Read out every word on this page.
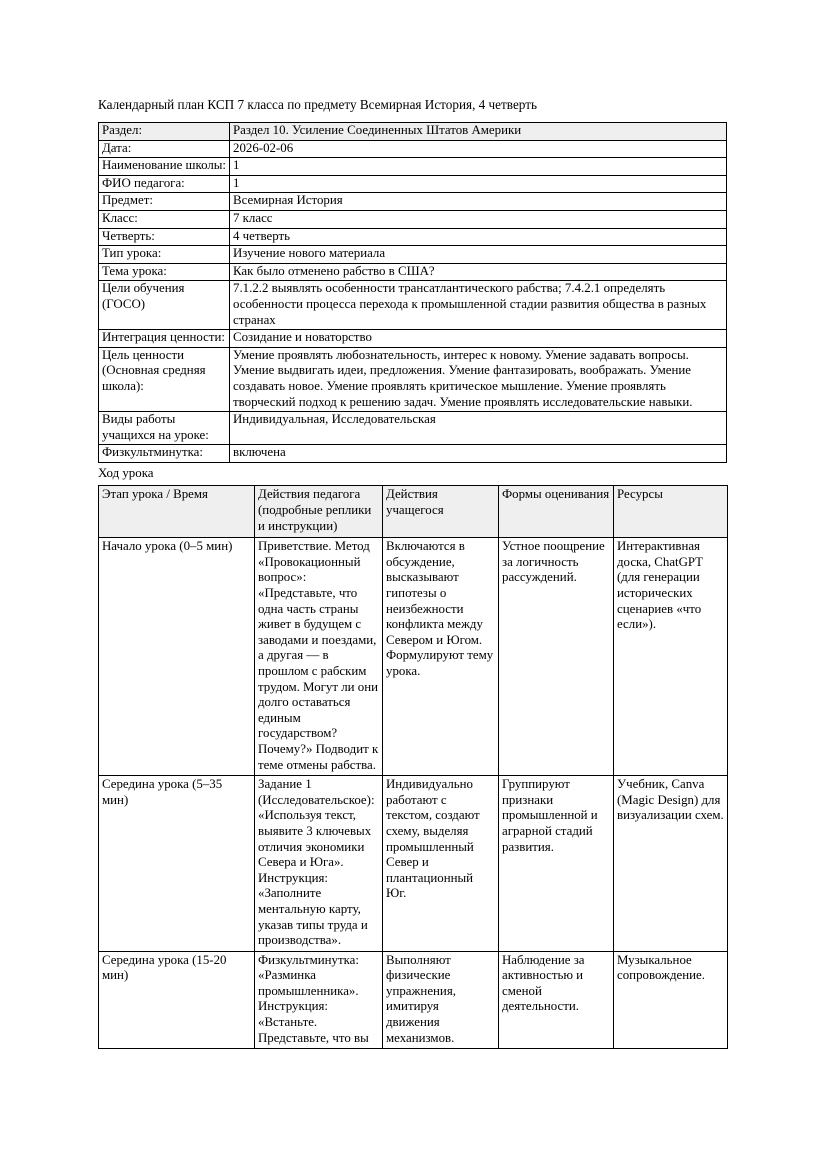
Календарный план КСП 7 класса по предмету Всемирная История, 4 четверть

Раздел:	Раздел 10. Усиление Соединенных Штатов Америки
Дата:	2026-02-06
Наименование школы:	1
ФИО педагога:	1
Предмет:	Всемирная История
Класс:	7 класс
Четверть:	4 четверть
Тип урока:	Изучение нового материала
Тема урока:	Как было отменено рабство в США?
Цели обучения (ГОСО)	7.1.2.2 выявлять особенности трансатлантического рабства; 7.4.2.1 определять особенности процесса перехода к промышленной стадии развития общества в разных странах
Интеграция ценности:	Созидание и новаторство
Цель ценности (Основная средняя школа):	Умение проявлять любознательность, интерес к новому. Умение задавать вопросы. Умение выдвигать идеи, предложения. Умение фантазировать, воображать. Умение создавать новое. Умение проявлять критическое мышление. Умение проявлять творческий подход к решению задач. Умение проявлять исследовательские навыки.
Виды работы учащихся на уроке:	Индивидуальная, Исследовательская
Физкультминутка:	включена

Ход урока

Этап урока / Время	Действия педагога (подробные реплики и инструкции)	Действия учащегося	Формы оценивания	Ресурсы
Начало урока (0–5 мин)	Приветствие. Метод «Провокационный вопрос»: «Представьте, что одна часть страны живет в будущем с заводами и поездами, а другая — в прошлом с рабским трудом. Могут ли они долго оставаться единым государством? Почему?» Подводит к теме отмены рабства.	Включаются в обсуждение, высказывают гипотезы о неизбежности конфликта между Севером и Югом. Формулируют тему урока.	Устное поощрение за логичность рассуждений.	Интерактивная доска, ChatGPT (для генерации исторических сценариев «что если»).
Середина урока (5–35 мин)	Задание 1 (Исследовательское): «Используя текст, выявите 3 ключевых отличия экономики Севера и Юга». Инструкция: «Заполните ментальную карту, указав типы труда и производства».	Индивидуально работают с текстом, создают схему, выделяя промышленный Север и плантационный Юг.	Группируют признаки промышленной и аграрной стадий развития.	Учебник, Canva (Magic Design) для визуализации схем.
Середина урока (15-20 мин)	Физкультминутка: «Разминка промышленника». Инструкция: «Встаньте. Представьте, что вы	Выполняют физические упражнения, имитируя движения механизмов.	Наблюдение за активностью и сменой деятельности.	Музыкальное сопровождение.
